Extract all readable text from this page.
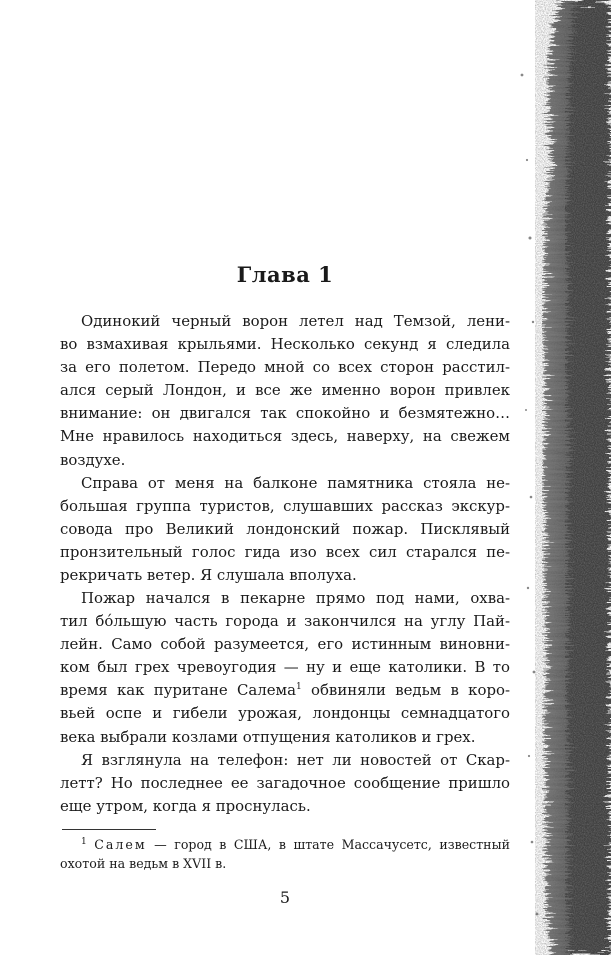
Глава 1
Одинокий черный ворон летел над Темзой, лени-
во взмахивая крыльями. Несколько секунд я следила
за его полетом. Передо мной со всех сторон расстил-
ался серый Лондон, и все же именно ворон привлек
внимание: он двигался так спокойно и безмятежно…
Мне нравилось находиться здесь, наверху, на свежем
воздухе.
Справа от меня на балконе памятника стояла не-
большая группа туристов, слушавших рассказ экскур-
совода про Великий лондонский пожар. Писклявый
пронзительный голос гида изо всех сил старался пе-
рекричать ветер. Я слушала вполуха.
Пожар начался в пекарне прямо под нами, охва-
тил бóльшую часть города и закончился на углу Пай-
лейн. Само собой разумеется, его истинным виновни-
ком был грех чревоугодия — ну и еще католики. В то
время как пуритане Салема$^1$ обвиняли ведьм в коро-
вьей оспе и гибели урожая, лондонцы семнадцатого
века выбрали козлами отпущения католиков и грех.
Я взглянула на телефон: нет ли новостей от Скар-
летт? Но последнее ее загадочное сообщение пришло
еще утром, когда я проснулась.
$^1$ Салем — город в США, в штате Массачусетс, известный
охотой на ведьм в XVII в.

5
